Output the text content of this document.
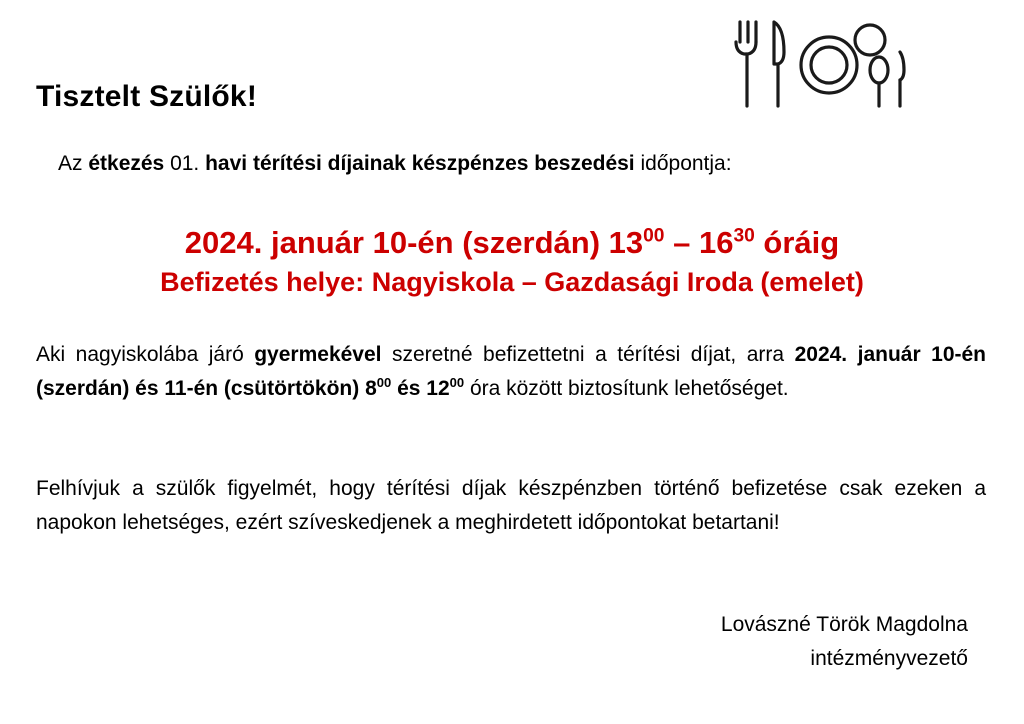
Tisztelt Szülők!
Az étkezés 01. havi térítési díjainak készpénzes beszedési időpontja:
2024. január 10-én (szerdán) $13^{00} - 16^{30}$ óráig
Befizetés helye: Nagyiskola – Gazdasági Iroda (emelet)
Aki nagyiskolába járó gyermekével szeretné befizettetni a térítési díjat, arra 2024. január 10-én (szerdán) és 11-én (csütörtökön) $8^{00}$ és $12^{00}$ óra között biztosítunk lehetőséget.
Felhívjuk a szülők figyelmét, hogy térítési díjak készpénzben történő befizetése csak ezeken a napokon lehetséges, ezért szíveskedjenek a meghirdetett időpontokat betartani!
Lovászné Török Magdolna
intézményvezető
